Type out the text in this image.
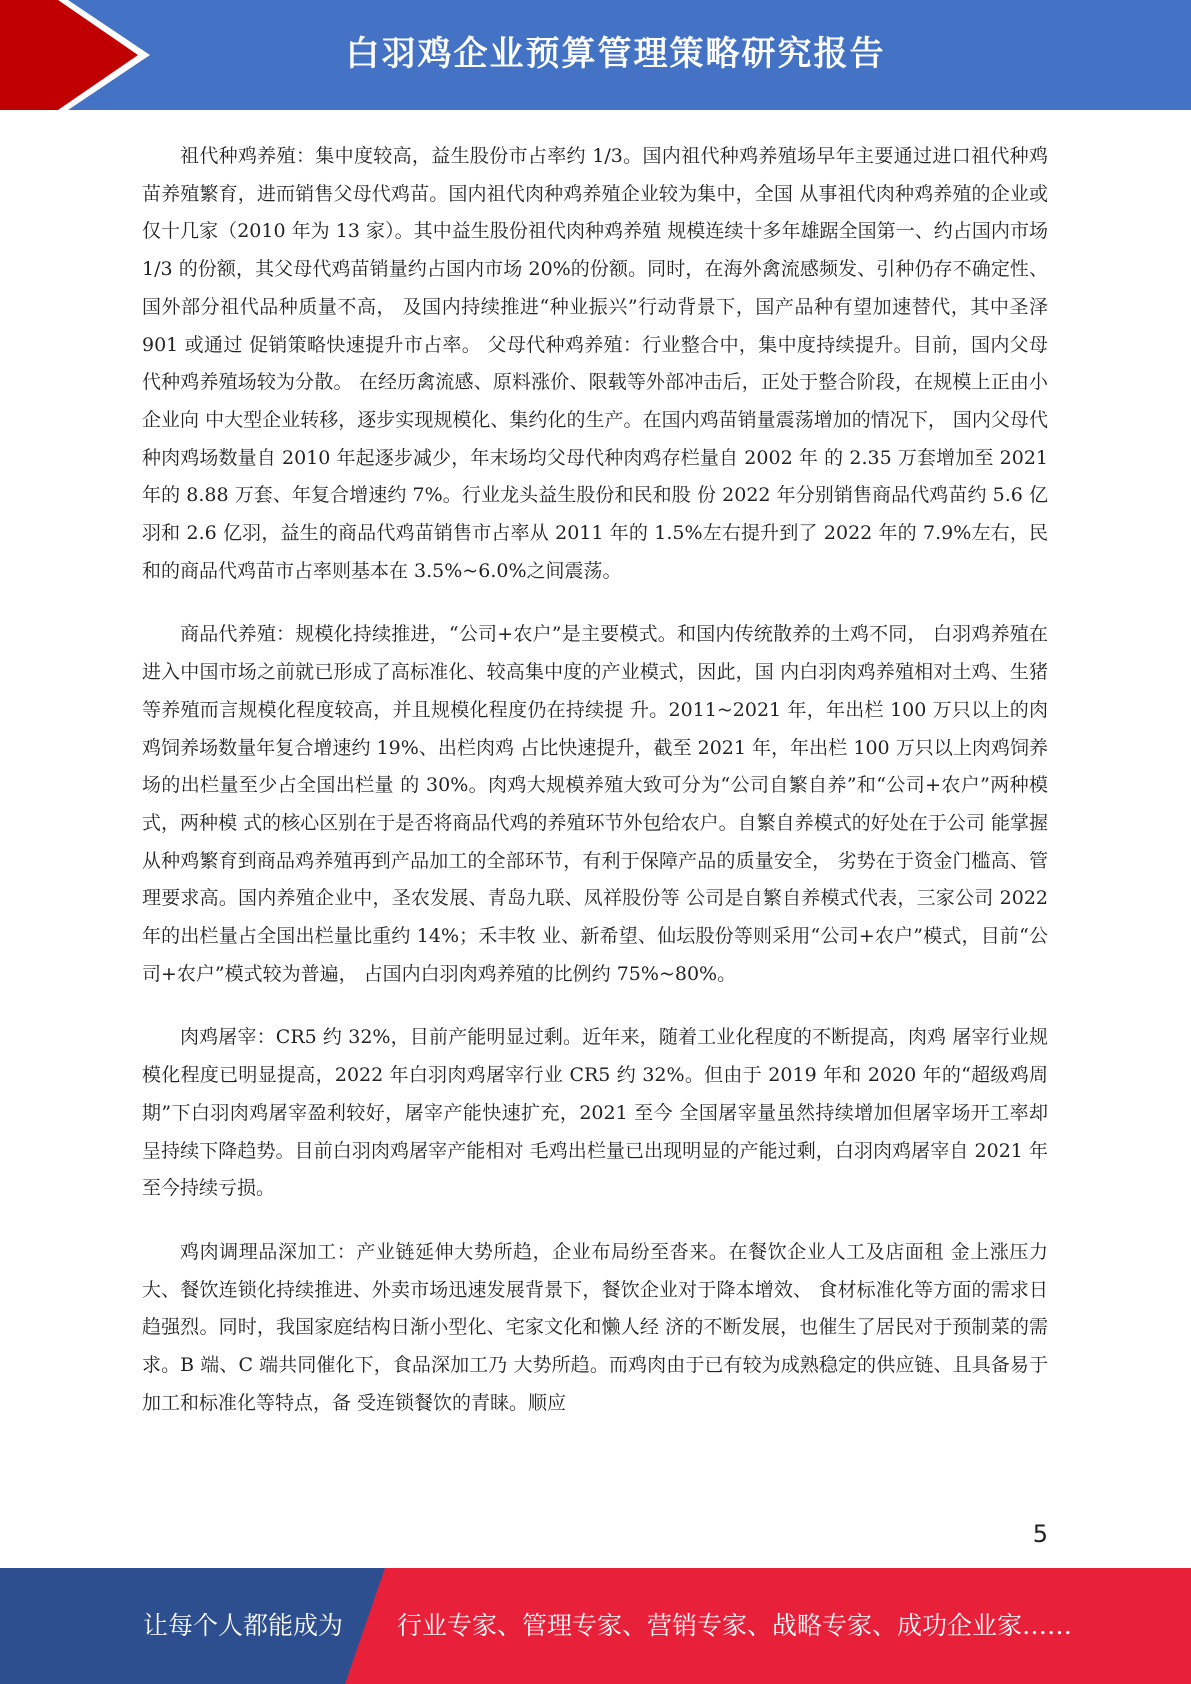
白羽鸡企业预算管理策略研究报告

祖代种鸡养殖：集中度较高，益生股份市占率约 1/3。国内祖代种鸡养殖场早年主要通过进口祖代种鸡苗养殖繁育，进而销售父母代鸡苗。国内祖代肉种鸡养殖企业较为集中，全国 从事祖代肉种鸡养殖的企业或仅十几家（2010 年为 13 家）。其中益生股份祖代肉种鸡养殖 规模连续十多年雄踞全国第一、约占国内市场 1/3 的份额，其父母代鸡苗销量约占国内市场 20%的份额。同时，在海外禽流感频发、引种仍存不确定性、国外部分祖代品种质量不高， 及国内持续推进“种业振兴”行动背景下，国产品种有望加速替代，其中圣泽 901 或通过 促销策略快速提升市占率。 父母代种鸡养殖：行业整合中，集中度持续提升。目前，国内父母代种鸡养殖场较为分散。 在经历禽流感、原料涨价、限载等外部冲击后，正处于整合阶段，在规模上正由小企业向 中大型企业转移，逐步实现规模化、集约化的生产。在国内鸡苗销量震荡增加的情况下， 国内父母代种肉鸡场数量自 2010 年起逐步减少，年末场均父母代种肉鸡存栏量自 2002 年 的 2.35 万套增加至 2021 年的 8.88 万套、年复合增速约 7%。行业龙头益生股份和民和股 份 2022 年分别销售商品代鸡苗约 5.6 亿羽和 2.6 亿羽，益生的商品代鸡苗销售市占率从 2011 年的 1.5%左右提升到了 2022 年的 7.9%左右，民和的商品代鸡苗市占率则基本在 3.5%~6.0%之间震荡。

商品代养殖：规模化持续推进，“公司+农户”是主要模式。和国内传统散养的土鸡不同， 白羽鸡养殖在进入中国市场之前就已形成了高标准化、较高集中度的产业模式，因此，国 内白羽肉鸡养殖相对土鸡、生猪等养殖而言规模化程度较高，并且规模化程度仍在持续提 升。2011~2021 年，年出栏 100 万只以上的肉鸡饲养场数量年复合增速约 19%、出栏肉鸡 占比快速提升，截至 2021 年，年出栏 100 万只以上肉鸡饲养场的出栏量至少占全国出栏量 的 30%。肉鸡大规模养殖大致可分为“公司自繁自养”和“公司+农户”两种模式，两种模 式的核心区别在于是否将商品代鸡的养殖环节外包给农户。自繁自养模式的好处在于公司 能掌握从种鸡繁育到商品鸡养殖再到产品加工的全部环节，有利于保障产品的质量安全， 劣势在于资金门槛高、管理要求高。国内养殖企业中，圣农发展、青岛九联、凤祥股份等 公司是自繁自养模式代表，三家公司 2022 年的出栏量占全国出栏量比重约 14%；禾丰牧 业、新希望、仙坛股份等则采用“公司+农户”模式，目前“公司+农户”模式较为普遍， 占国内白羽肉鸡养殖的比例约 75%~80%。

肉鸡屠宰：CR5 约 32%，目前产能明显过剩。近年来，随着工业化程度的不断提高，肉鸡 屠宰行业规模化程度已明显提高，2022 年白羽肉鸡屠宰行业 CR5 约 32%。但由于 2019 年和 2020 年的“超级鸡周期”下白羽肉鸡屠宰盈利较好，屠宰产能快速扩充，2021 至今 全国屠宰量虽然持续增加但屠宰场开工率却呈持续下降趋势。目前白羽肉鸡屠宰产能相对 毛鸡出栏量已出现明显的产能过剩，白羽肉鸡屠宰自 2021 年至今持续亏损。

鸡肉调理品深加工：产业链延伸大势所趋，企业布局纷至沓来。在餐饮企业人工及店面租 金上涨压力大、餐饮连锁化持续推进、外卖市场迅速发展背景下，餐饮企业对于降本增效、 食材标准化等方面的需求日趋强烈。同时，我国家庭结构日渐小型化、宅家文化和懒人经 济的不断发展，也催生了居民对于预制菜的需求。B 端、C 端共同催化下，食品深加工乃 大势所趋。而鸡肉由于已有较为成熟稳定的供应链、且具备易于加工和标准化等特点，备 受连锁餐饮的青睐。顺应

5
让每个人都能成为 行业专家、管理专家、营销专家、战略专家、成功企业家……
